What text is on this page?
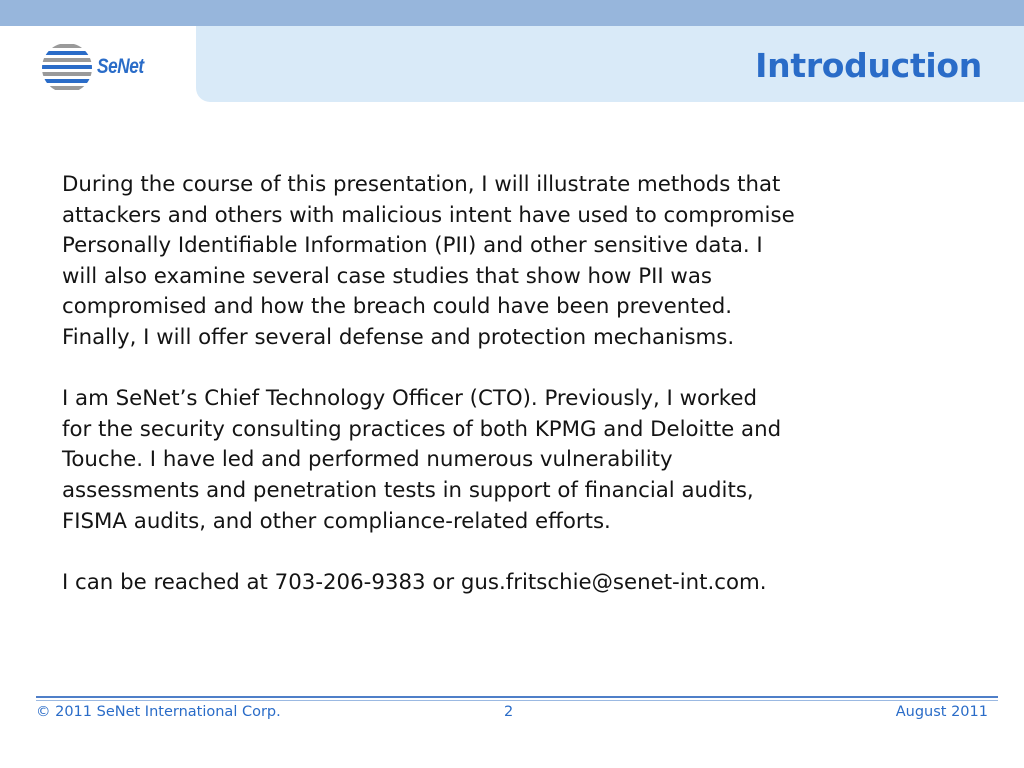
Introduction
SeNet

During the course of this presentation, I will illustrate methods that
attackers and others with malicious intent have used to compromise
Personally Identifiable Information (PII) and other sensitive data. I
will also examine several case studies that show how PII was
compromised and how the breach could have been prevented.
Finally, I will offer several defense and protection mechanisms.

I am SeNet’s Chief Technology Officer (CTO). Previously, I worked
for the security consulting practices of both KPMG and Deloitte and
Touche. I have led and performed numerous vulnerability
assessments and penetration tests in support of financial audits,
FISMA audits, and other compliance-related efforts.

I can be reached at 703-206-9383 or gus.fritschie@senet-int.com.

© 2011 SeNet International Corp.	2	August 2011
